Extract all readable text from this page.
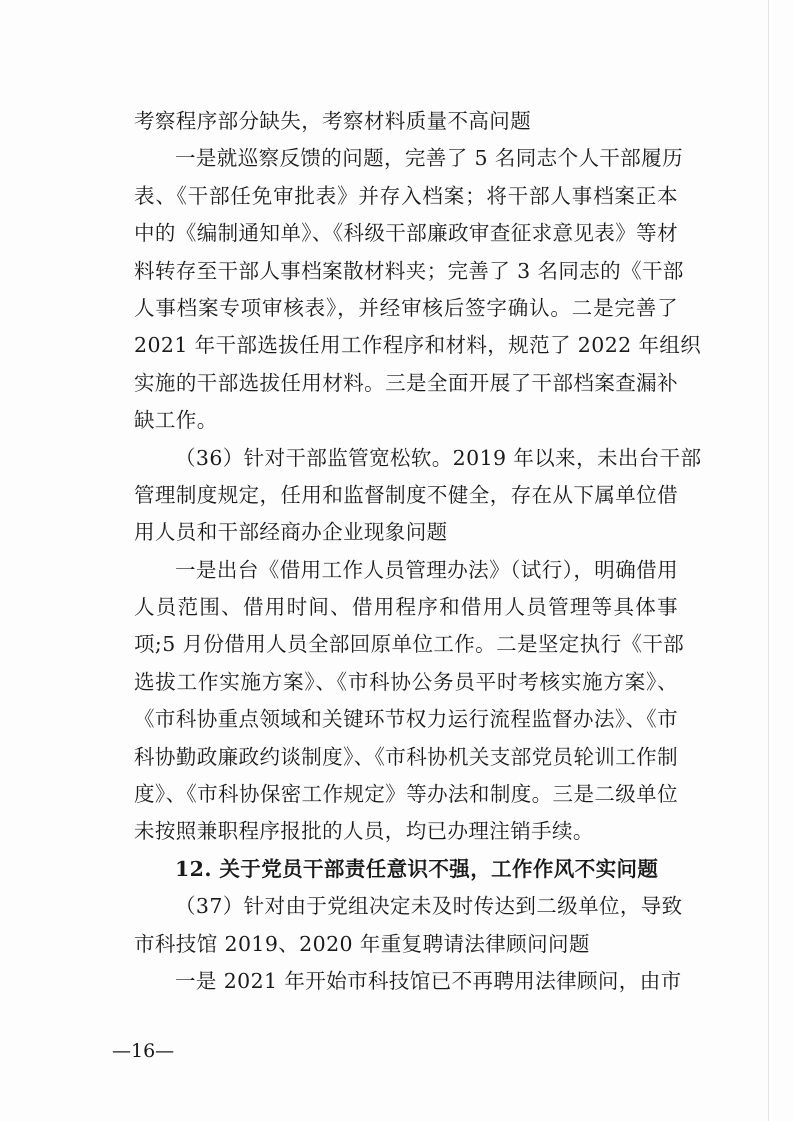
考察程序部分缺失，考察材料质量不高问题
一是就巡察反馈的问题，完善了 5 名同志个人干部履历
表、《干部任免审批表》并存入档案；将干部人事档案正本
中的《编制通知单》、《科级干部廉政审查征求意见表》等材
料转存至干部人事档案散材料夹；完善了 3 名同志的《干部
人事档案专项审核表》，并经审核后签字确认。二是完善了
2021 年干部选拔任用工作程序和材料，规范了 2022 年组织
实施的干部选拔任用材料。三是全面开展了干部档案查漏补
缺工作。
（36）针对干部监管宽松软。2019 年以来，未出台干部
管理制度规定，任用和监督制度不健全，存在从下属单位借
用人员和干部经商办企业现象问题
一是出台《借用工作人员管理办法》（试行），明确借用
人员范围、借用时间、借用程序和借用人员管理等具体事
项;5 月份借用人员全部回原单位工作。二是坚定执行《干部
选拔工作实施方案》、《市科协公务员平时考核实施方案》、
《市科协重点领域和关键环节权力运行流程监督办法》、《市
科协勤政廉政约谈制度》、《市科协机关支部党员轮训工作制
度》、《市科协保密工作规定》等办法和制度。三是二级单位
未按照兼职程序报批的人员，均已办理注销手续。
12. 关于党员干部责任意识不强，工作作风不实问题
（37）针对由于党组决定未及时传达到二级单位，导致
市科技馆 2019、2020 年重复聘请法律顾问问题
一是 2021 年开始市科技馆已不再聘用法律顾问，由市
—16—
